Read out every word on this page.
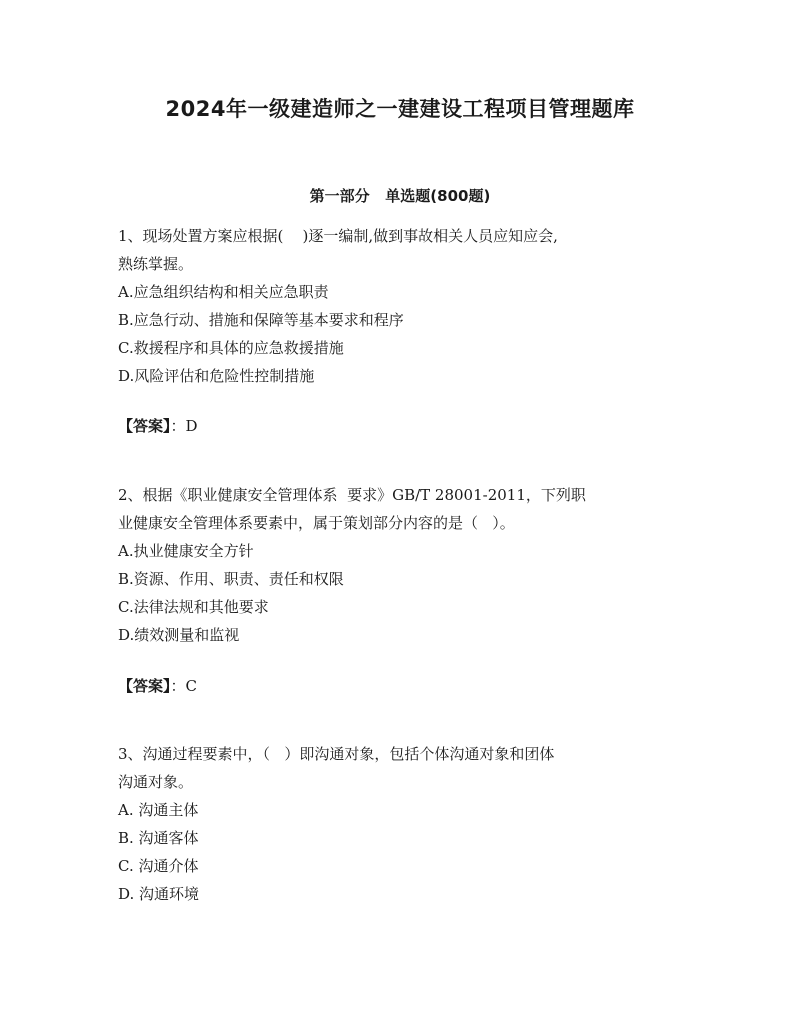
2024年一级建造师之一建建设工程项目管理题库
第一部分   单选题(800题)

1、现场处置方案应根据(    )逐一编制,做到事故相关人员应知应会,
熟练掌握。

A.应急组织结构和相关应急职责

B.应急行动、措施和保障等基本要求和程序

C.救援程序和具体的应急救援措施

D.风险评估和危险性控制措施

【答案】：D

2、根据《职业健康安全管理体系  要求》GB/T 28001-2011，下列职
业健康安全管理体系要素中，属于策划部分内容的是（   ）。

A.执业健康安全方针

B.资源、作用、职责、责任和权限

C.法律法规和其他要求

D.绩效测量和监视

【答案】：C

3、沟通过程要素中，（   ）即沟通对象，包括个体沟通对象和团体
沟通对象。

A. 沟通主体

B. 沟通客体

C. 沟通介体

D. 沟通环境
